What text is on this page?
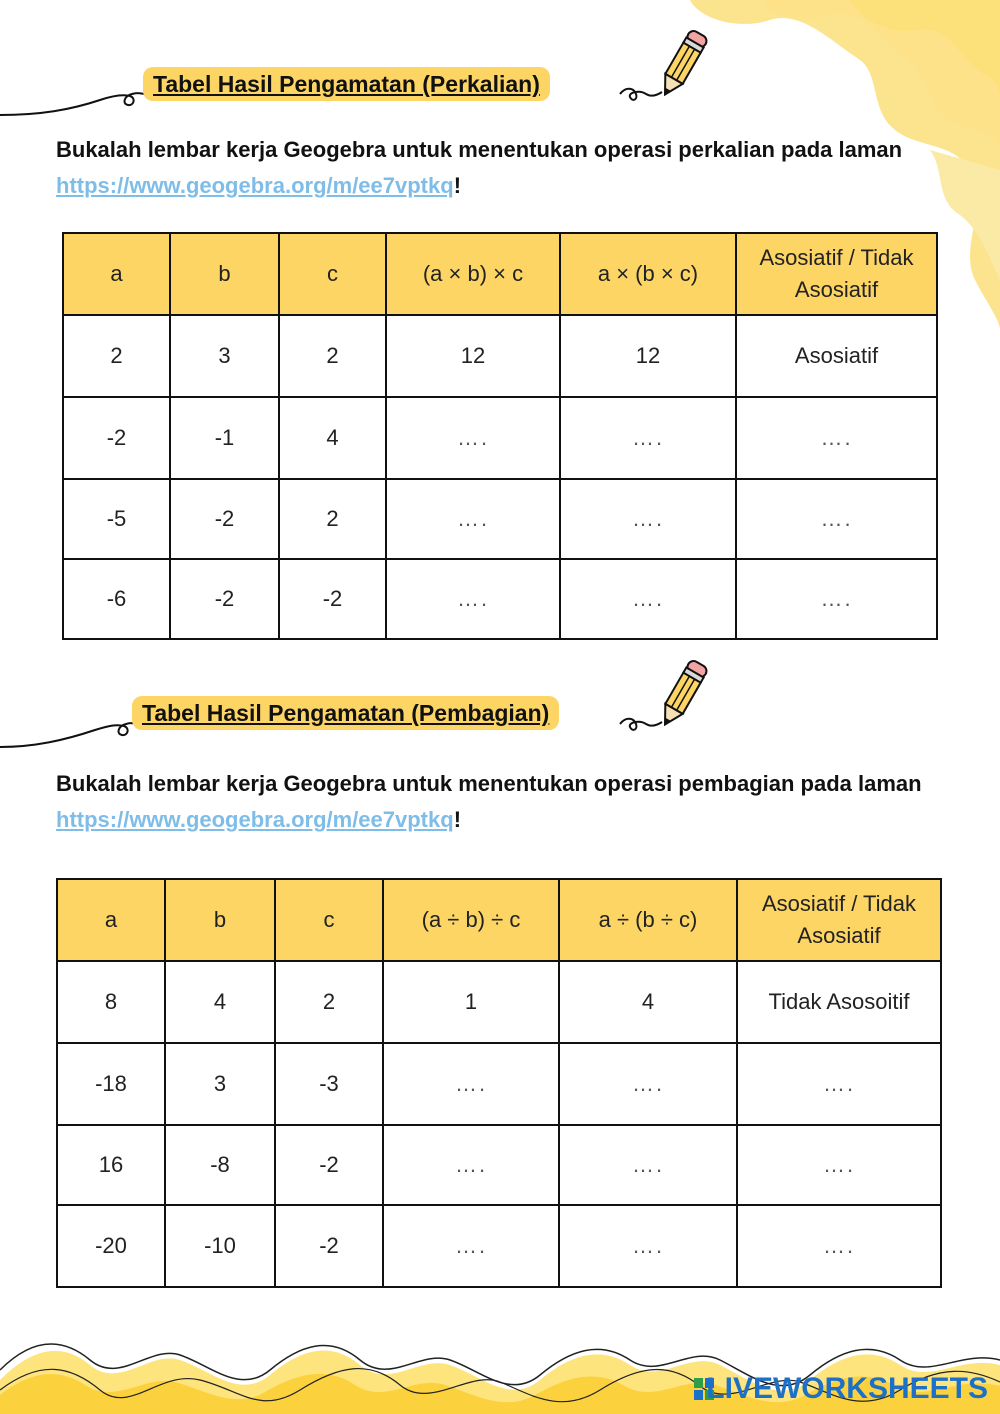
Tabel Hasil Pengamatan (Perkalian)
Bukalah lembar kerja Geogebra untuk menentukan operasi perkalian pada laman https://www.geogebra.org/m/ee7vptkq!
a	b	c	(a × b) × c	a × (b × c)	Asosiatif / Tidak Asosiatif
2	3	2	12	12	Asosiatif
-2	-1	4	….	….	….
-5	-2	2	….	….	….
-6	-2	-2	….	….	….
Tabel Hasil Pengamatan (Pembagian)
Bukalah lembar kerja Geogebra untuk menentukan operasi pembagian pada laman https://www.geogebra.org/m/ee7vptkq!
a	b	c	(a ÷ b) ÷ c	a ÷ (b ÷ c)	Asosiatif / Tidak Asosiatif
8	4	2	1	4	Tidak Asosoitif
-18	3	-3	….	….	….
16	-8	-2	….	….	….
-20	-10	-2	….	….	….
LIVEWORKSHEETS
